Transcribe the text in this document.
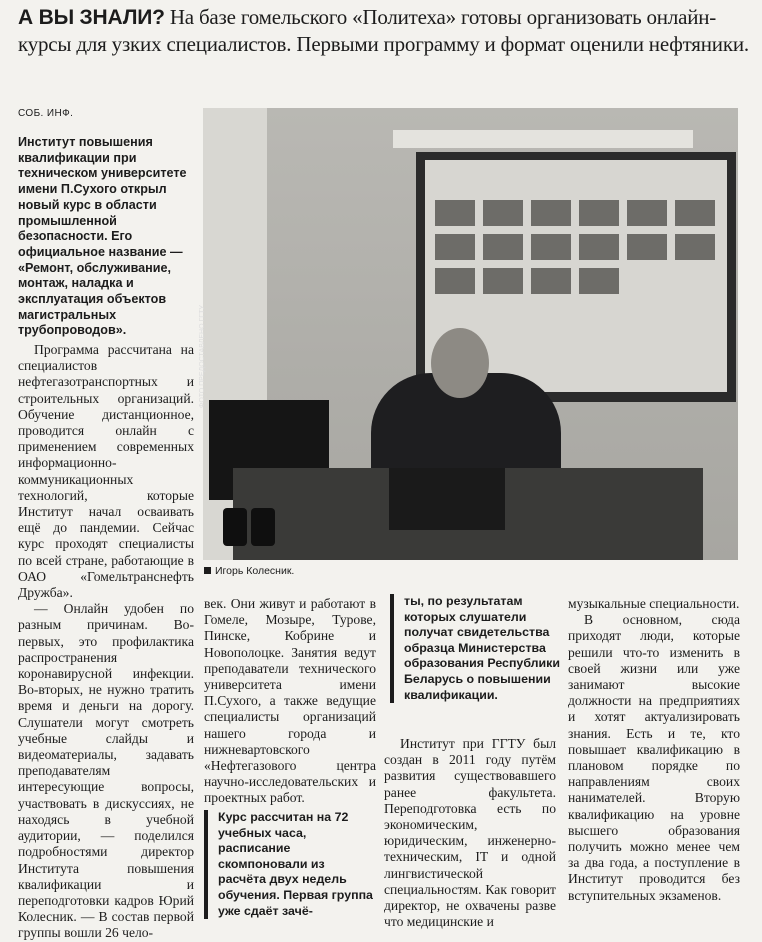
А ВЫ ЗНАЛИ? На базе гомельского «Политеха» готовы организовать онлайн-курсы для узких специалистов. Первыми программу и формат оценили нефтяники.
СОБ. ИНФ.
Институт повышения квалификации при техническом университете имени П.Сухого открыл новый курс в области промышленной безопасности. Его официальное название — «Ремонт, обслуживание, монтаж, наладка и эксплуатация объектов магистральных трубопроводов».	ФОТО ПРЕДОСТАВЛЕНО ГГТУ
Игорь Колесник.

Программа рассчитана на специалистов нефтегазотранспортных и строительных организаций. Обучение дистанционное, проводится онлайн с применением современных информационно-коммуникационных технологий, которые Институт начал осваивать ещё до пандемии. Сейчас курс проходят специалисты по всей стране, работающие в ОАО «Гомельтранснефть Дружба».

— Онлайн удобен по разным причинам. Во-первых, это профилактика распространения коронавирусной инфекции. Во-вторых, не нужно тратить время и деньги на дорогу. Слушатели могут смотреть учебные слайды и видеоматериалы, задавать преподавателям интересующие вопросы, участвовать в дискуссиях, не находясь в учебной аудитории, — поделился подробностями директор Института повышения квалификации и переподготовки кадров Юрий Колесник. — В состав первой группы вошли 26 чело-

век. Они живут и работают в Гомеле, Мозыре, Турове, Пинске, Кобрине и Новополоцке. Занятия ведут преподаватели технического университета имени П.Сухого, а также ведущие специалисты организаций нашего города и нижневартовского «Нефтегазового центра научно-исследовательских и проектных работ.

Курс рассчитан на 72 учебных часа, расписание скомпоновали из расчёта двух недель обучения. Первая группа уже сдаёт зачё-
ты, по результатам которых слушатели получат свидетельства образца Министерства образования Республики Беларусь о повышении квалификации.

Институт при ГГТУ был создан в 2011 году путём развития существовавшего ранее факультета. Переподготовка есть по экономическим, юридическим, инженерно-техническим, IT и одной лингвистической специальностям. Как говорит директор, не охвачены разве что медицинские и

музыкальные специальности.

В основном, сюда приходят люди, которые решили что-то изменить в своей жизни или уже занимают высокие должности на предприятиях и хотят актуализировать знания. Есть и те, кто повышает квалификацию в плановом порядке по направлениям своих нанимателей. Вторую квалификацию на уровне высшего образования получить можно менее чем за два года, а поступление в Институт проводится без вступительных экзаменов.
